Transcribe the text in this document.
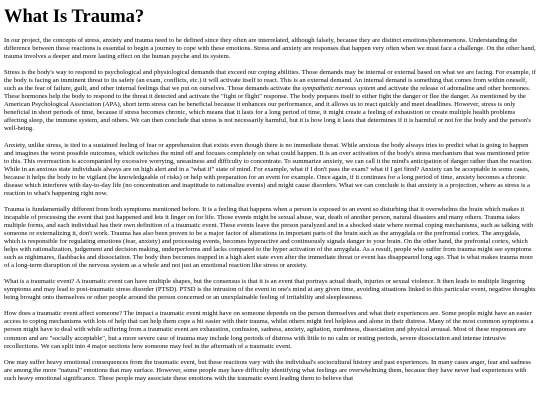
What Is Trauma?

In our project, the concepts of stress, anxiety and trauma need to be defined since they often are interrelated, although falsely, because they are distinct emotions/phenomenons. Understanding the difference between those reactions is essential to begin a journey to cope with these emotions. Stress and anxiety are responses that happen very often when we must face a challenge. On the other hand, trauma involves a deeper and more lasting effect on the human psyche and its system.

Stress is the body's way to respond to psychological and physiological demands that exceed our coping abilities. Those demands may be internal or external based on what we are facing. For example, if the body is facing an imminent threat to its safety (an exam, conflicts, etc.) it will activate itself to react. This is an external demand. An internal demand is something that comes from within oneself, such as the fear of failure, guilt, and other internal feelings that we put on ourselves. Those demands activate the sympathetic nervous system and activate the release of adrenaline and other hormones. These hormones help the body to respond to the threat it detected and activate the "fight or flight" response. The body prepares itself to either fight the danger or flee the danger. As mentioned by the American Psychological Association (APA), short term stress can be beneficial because it enhances our performance, and it allows us to react quickly and meet deadlines. However, stress is only beneficial in short periods of time, because if stress becomes chronic, which means that it lasts for a long period of time, it might create a feeling of exhaustion or create multiple health problems affecting sleep, the immune system, and others. We can then conclude that stress is not necessarily harmful, but it is how long it lasts that determines if it is harmful or not for the body and the person's well-being.

Anxiety, unlike stress, is tied to a sustained feeling of fear or apprehension that exists even though there is no immediate threat. While anxious the body always tries to predict what is going to happen and imagines the worst possible outcomes, which switches the mind off and focuses completely on what could happen. It is an over activation of the body's stress mechanism that was mentioned prior to this. This overreaction is accompanied by excessive worrying, uneasiness and difficulty to concentrate. To summarize anxiety, we can call it the mind's anticipation of danger rather than the reaction. While in an anxious state individuals always are on high alert and in a "what if" state of mind. For example, what if I don't pass the exam? what if I get fired? Anxiety can be acceptable in some cases, because it helps the body to be vigilant (be knowledgeable of risks) or help with preparation for an event for example. Once again, if it continues for a long period of time, anxiety becomes a chronic disease which interferes with day-to-day life (no concentration and inaptitude to rationalize events) and might cause disorders. What we can conclude is that anxiety is a projection, where as stress is a reaction to what's happening right now.

Trauma is fundamentally different from both symptoms mentioned before. It is a feeling that happens when a person is exposed to an event so disturbing that it overwhelms the brain which makes it incapable of processing the event that just happened and lets it linger on for life. Those events might be sexual abuse, war, death of another person, natural disasters and many others. Trauma takes multiple forms, and each individual has their own definition of a traumatic event. These events leave the person paralyzed and in a shocked state where normal coping mechanisms, such as talking with someone or externalizing it, don't work. Trauma has also been proven to be a major factor of alterations in important parts of the brain such as the amygdala or the prefrontal cortex. The amygdala, which is responsible for regulating emotions (fear, anxiety) and processing events, becomes hyperactive and continuously signals danger to your brain. On the other hand, the prefrontal cortex, which helps with rationalization, judgement and decision making, underperforms and lacks compared to the hyper activation of the amygdala. As a result, people who suffer from trauma might see symptoms such as nightmares, flashbacks and dissociation. The body then becomes trapped in a high alert state even after the immediate threat or event has disappeared long ago. That is what makes trauma more of a long-term disruption of the nervous system as a whole and not just an emotional reaction like stress or anxiety.

What is a traumatic event? A traumatic event can have multiple shapes, but the consensus is that it is an event that portrays actual death, injuries or sexual violence. It then leads to multiple lingering symptoms and may lead to post-traumatic stress disorder (PTSD). PTSD is the intrusion of the event in one's mind at any given time, avoiding situations linked to this particular event, negative thoughts being brought onto themselves or other people around the person concerned or an unexplainable feeling of irritability and sleeplessness.

How does a traumatic event affect someone? The impact a traumatic event might have on someone depends on the person themselves and what their experiences are. Some people might have an easier access to coping mechanisms with lots of help that can help them cope a bit easier with their trauma, whilst others might feel helpless and alone in their distress. Many of the most common symptoms a person might have to deal with while suffering from a traumatic event are exhaustion, confusion, sadness, anxiety, agitation, numbness, dissociation and physical arousal. Most of these responses are common and are "socially acceptable", but a more severe case of trauma may include long periods of distress with little to no calm or resting periods, severe dissociation and intense intrusive recollections. We can split into 4 major sections how someone may feel in the aftermath of a traumatic event.

One may suffer heavy emotional consequences from the traumatic event, but these reactions vary with the individual's sociocultural history and past experiences. In many cases anger, fear and sadness are among the more "natural" emotions that may surface. However, some people may have difficulty identifying what feelings are overwhelming them, because they have never had experiences with such heavy emotional significance. These people may associate these emotions with the traumatic event leading them to believe that
